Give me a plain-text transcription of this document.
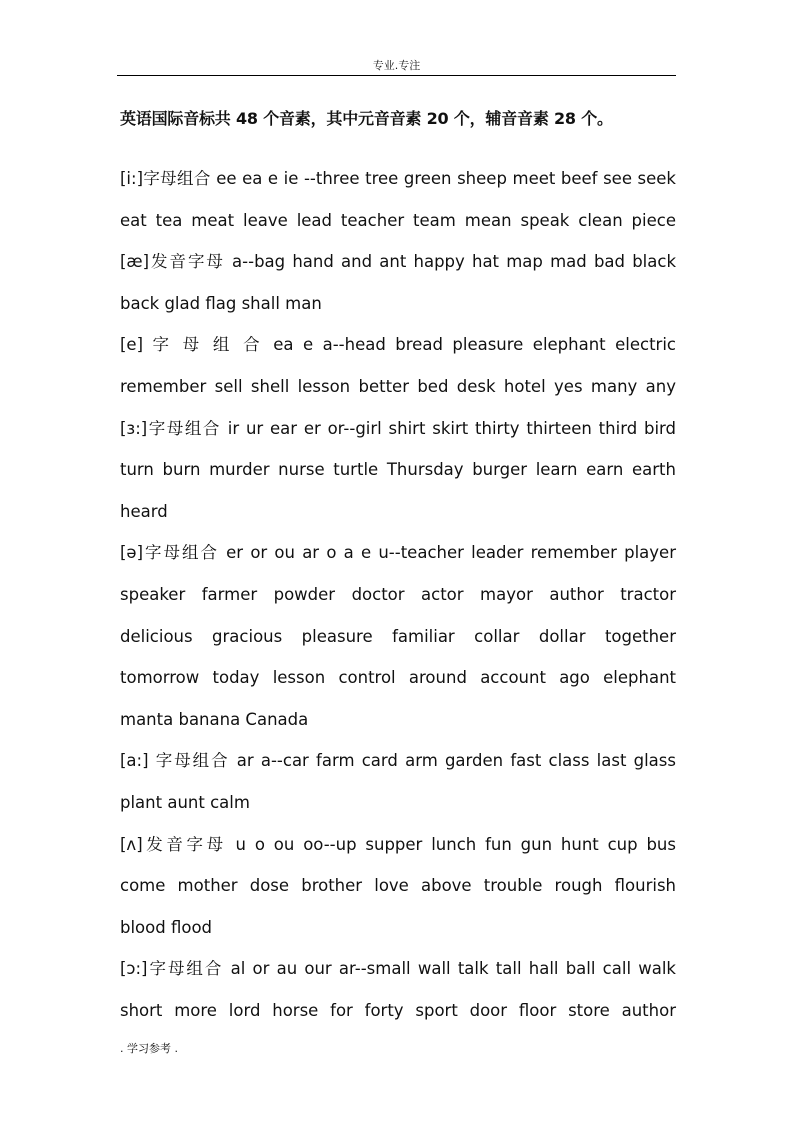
专业.专注
英语国际音标共 48 个音素，其中元音音素 20 个，辅音音素 28 个。
[i:]字母组合 ee ea e ie --three tree green sheep meet beef see seek
eat tea meat leave lead teacher team mean speak clean piece
[æ]发音字母 a--bag hand and ant happy hat map mad bad black
back glad flag shall man
[e] 字 母 组 合 ea e a--head bread pleasure elephant electric
remember sell shell lesson better bed desk hotel yes many any
[ɜ:]字母组合 ir ur ear er or--girl shirt skirt thirty thirteen third bird
turn burn murder nurse turtle Thursday burger learn earn earth
heard
[ə]字母组合 er or ou ar o a e u--teacher leader remember player
speaker farmer powder doctor actor mayor author tractor
delicious gracious pleasure familiar collar dollar together
tomorrow today lesson control around account ago elephant
manta banana Canada
[a:] 字母组合 ar a--car farm card arm garden fast class last glass
plant aunt calm
[ʌ]发音字母 u o ou oo--up supper lunch fun gun hunt cup bus
come mother dose brother love above trouble rough flourish
blood flood
[ɔ:]字母组合 al or au our ar--small wall talk tall hall ball call walk
short more lord horse for forty sport door floor store author
. 学习参考 .
